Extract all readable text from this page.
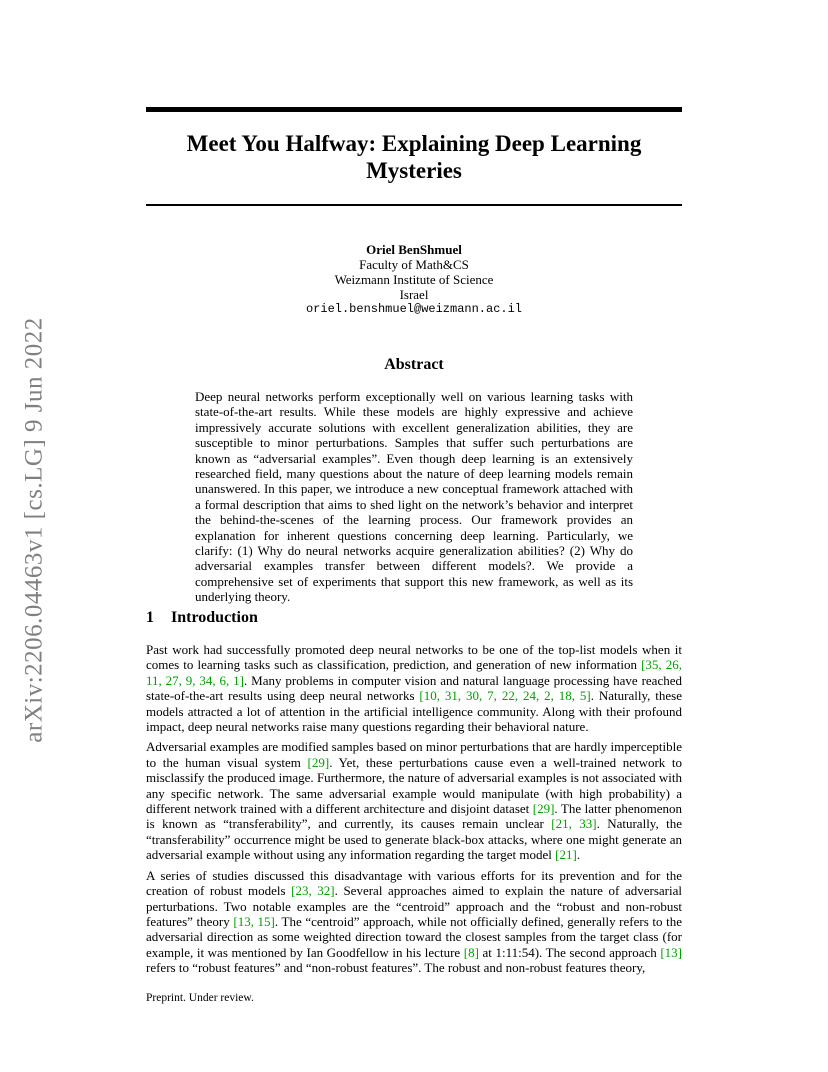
arXiv:2206.04463v1 [cs.LG] 9 Jun 2022
Meet You Halfway: Explaining Deep Learning
Mysteries
Oriel BenShmuel
Faculty of Math&CS
Weizmann Institute of Science
Israel
oriel.benshmuel@weizmann.ac.il
Abstract

Deep neural networks perform exceptionally well on various learning tasks with state-of-the-art results. While these models are highly expressive and achieve impressively accurate solutions with excellent generalization abilities, they are susceptible to minor perturbations. Samples that suffer such perturbations are known as “adversarial examples”. Even though deep learning is an extensively researched field, many questions about the nature of deep learning models remain unanswered. In this paper, we introduce a new conceptual framework attached with a formal description that aims to shed light on the network’s behavior and interpret the behind-the-scenes of the learning process. Our framework provides an explanation for inherent questions concerning deep learning. Particularly, we clarify: (1) Why do neural networks acquire generalization abilities? (2) Why do adversarial examples transfer between different models?. We provide a comprehensive set of experiments that support this new framework, as well as its underlying theory.

1 Introduction

Past work had successfully promoted deep neural networks to be one of the top-list models when it comes to learning tasks such as classification, prediction, and generation of new information [35, 26, 11, 27, 9, 34, 6, 1]. Many problems in computer vision and natural language processing have reached state-of-the-art results using deep neural networks [10, 31, 30, 7, 22, 24, 2, 18, 5]. Naturally, these models attracted a lot of attention in the artificial intelligence community. Along with their profound impact, deep neural networks raise many questions regarding their behavioral nature.

Adversarial examples are modified samples based on minor perturbations that are hardly imperceptible to the human visual system [29]. Yet, these perturbations cause even a well-trained network to misclassify the produced image. Furthermore, the nature of adversarial examples is not associated with any specific network. The same adversarial example would manipulate (with high probability) a different network trained with a different architecture and disjoint dataset [29]. The latter phenomenon is known as “transferability”, and currently, its causes remain unclear [21, 33]. Naturally, the “transferability” occurrence might be used to generate black-box attacks, where one might generate an adversarial example without using any information regarding the target model [21].

A series of studies discussed this disadvantage with various efforts for its prevention and for the creation of robust models [23, 32]. Several approaches aimed to explain the nature of adversarial perturbations. Two notable examples are the “centroid” approach and the “robust and non-robust features” theory [13, 15]. The “centroid” approach, while not officially defined, generally refers to the adversarial direction as some weighted direction toward the closest samples from the target class (for example, it was mentioned by Ian Goodfellow in his lecture [8] at 1:11:54). The second approach [13] refers to “robust features” and “non-robust features”. The robust and non-robust features theory,

Preprint. Under review.
